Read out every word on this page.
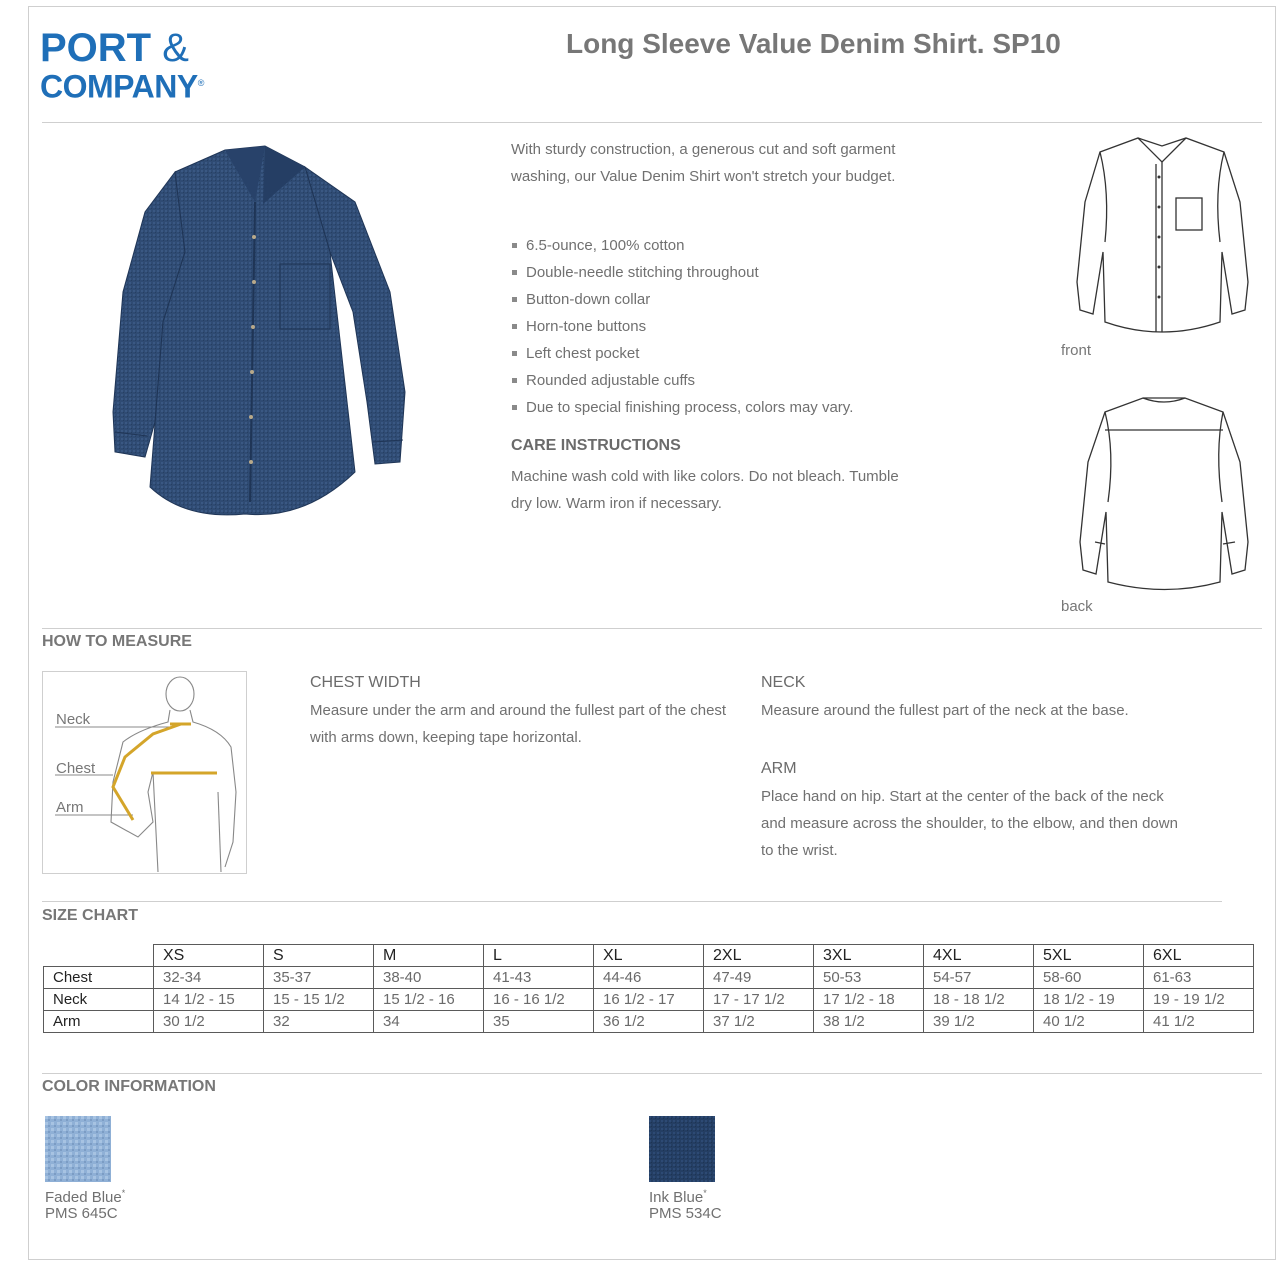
PORT &
COMPANY®
Long Sleeve Value Denim Shirt. SP10
With sturdy construction, a generous cut and soft garment washing, our Value Denim Shirt won't stretch your budget.
6.5-ounce, 100% cotton
Double-needle stitching throughout
Button-down collar
Horn-tone buttons
Left chest pocket
Rounded adjustable cuffs
Due to special finishing process, colors may vary.
CARE INSTRUCTIONS
Machine wash cold with like colors. Do not bleach. Tumble dry low. Warm iron if necessary.
front
back
HOW TO MEASURE
Neck
Chest
Arm
CHEST WIDTH
Measure under the arm and around the fullest part of the chest with arms down, keeping tape horizontal.
NECK
Measure around the fullest part of the neck at the base.
ARM
Place hand on hip. Start at the center of the back of the neck and measure across the shoulder, to the elbow, and then down to the wrist.
SIZE CHART
	XS	S	M	L	XL	2XL	3XL	4XL	5XL	6XL
Chest	32-34	35-37	38-40	41-43	44-46	47-49	50-53	54-57	58-60	61-63
Neck	14 1/2 - 15	15 - 15 1/2	15 1/2 - 16	16 - 16 1/2	16 1/2 - 17	17 - 17 1/2	17 1/2 - 18	18 - 18 1/2	18 1/2 - 19	19 - 19 1/2
Arm	30 1/2	32	34	35	36 1/2	37 1/2	38 1/2	39 1/2	40 1/2	41 1/2
COLOR INFORMATION
Faded Blue*
PMS 645C
Ink Blue*
PMS 534C
